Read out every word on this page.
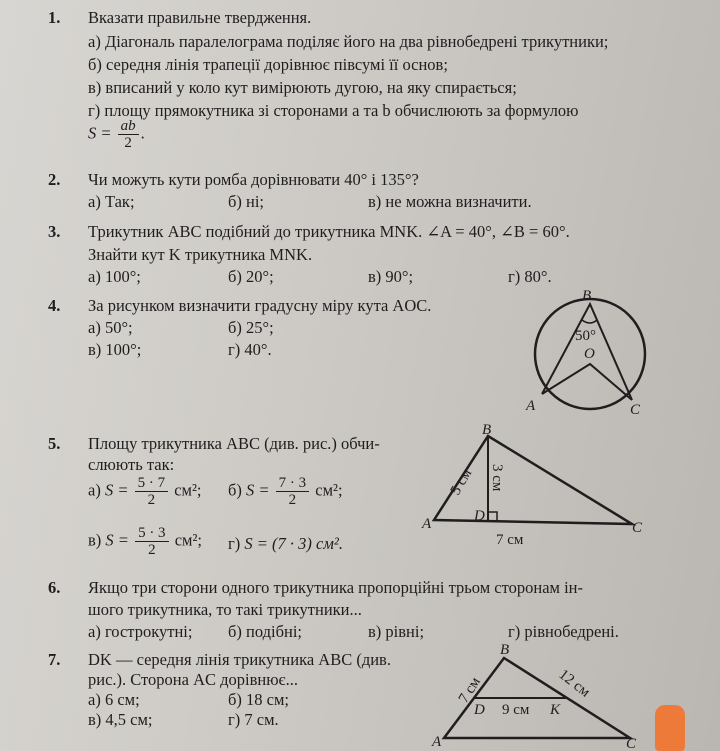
1. Вказати правильне твердження.
а) Діагональ паралелограма поділяє його на два рівнобедрені трикутники;
б) середня лінія трапеції дорівнює півсумі її основ;
в) вписаний у коло кут вимірюють дугою, на яку спирається;
г) площу прямокутника зі сторонами a та b обчислюють за формулою
$S = \frac{ab}{2}$ .
2. Чи можуть кути ромба дорівнювати 40° і 135°?
а) Так;	б) ні;	в) не можна визначити.
3. Трикутник ABC подібний до трикутника MNK. ∠A = 40°, ∠B = 60°.
Знайти кут K трикутника MNK.
а) 100°;	б) 20°;	в) 90°;	г) 80°.
4. За рисунком визначити градусну міру кута AOC.
а) 50°;	б) 25°;
в) 100°;	г) 40°.
B
50°
O
A	C
5. Площу трикутника ABC (див. рис.) обчи-
слюють так:
а) $S = \frac{5 \cdot 7}{2} см^2$; б) $S = \frac{7 \cdot 3}{2} см^2$;
в) $S = \frac{5 \cdot 3}{2} см^2$; г) S = (7 · 3) см².
B
A	C
D
5 см 3 см
7 см
6. Якщо три сторони одного трикутника пропорційні трьом сторонам ін-
шого трикутника, то такі трикутники...
а) гострокутні; б) подібні;	в) рівні;	г) рівнобедрені.
7. DK — середня лінія трикутника ABC (див.
рис.). Сторона AC дорівнює...
а) 6 см;	б) 18 см;
в) 4,5 см;	г) 7 см.
B
A	C
D	K
9 см
7 см	12 см
